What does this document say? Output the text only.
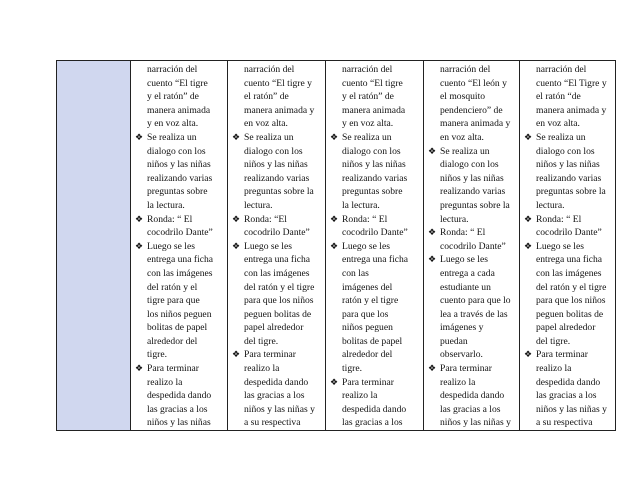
narración del
cuento “El tigre
y el ratón” de
manera animada
y en voz alta.
❖ Se realiza un
dialogo con los
niños y las niñas
realizando varias
preguntas sobre
la lectura.
❖ Ronda: “ El
cocodrilo Dante”
❖ Luego se les
entrega una ficha
con las imágenes
del ratón y el
tigre para que
los niños peguen
bolitas de papel
alrededor del
tigre.
❖ Para terminar
realizo la
despedida dando
las gracias a los
niños y las niñas

narración del
cuento “El tigre y
el ratón” de
manera animada y
en voz alta.
❖ Se realiza un
dialogo con los
niños y las niñas
realizando varias
preguntas sobre la
lectura.
❖ Ronda: “El
cocodrilo Dante”
❖ Luego se les
entrega una ficha
con las imágenes
del ratón y el tigre
para que los niños
peguen bolitas de
papel alrededor
del tigre.
❖ Para terminar
realizo la
despedida dando
las gracias a los
niños y las niñas y
a su respectiva

narración del
cuento “El tigre
y el ratón” de
manera animada
y en voz alta.
❖ Se realiza un
dialogo con los
niños y las niñas
realizando varias
preguntas sobre
la lectura.
❖ Ronda: “ El
cocodrilo Dante”
❖ Luego se les
entrega una ficha
con las
imágenes del
ratón y el tigre
para que los
niños peguen
bolitas de papel
alrededor del
tigre.
❖ Para terminar
realizo la
despedida dando
las gracias a los

narración del
cuento “El león y
el mosquito
pendenciero” de
manera animada y
en voz alta.
❖ Se realiza un
dialogo con los
niños y las niñas
realizando varias
preguntas sobre la
lectura.
❖ Ronda: “ El
cocodrilo Dante”
❖ Luego se les
entrega a cada
estudiante un
cuento para que lo
lea a través de las
imágenes y
puedan
observarlo.
❖ Para terminar
realizo la
despedida dando
las gracias a los
niños y las niñas y

narración del
cuento “El Tigre y
el ratón “de
manera animada y
en voz alta.
❖ Se realiza un
dialogo con los
niños y las niñas
realizando varias
preguntas sobre la
lectura.
❖ Ronda: “ El
cocodrilo Dante”
❖ Luego se les
entrega una ficha
con las imágenes
del ratón y el tigre
para que los niños
peguen bolitas de
papel alrededor
del tigre.
❖ Para terminar
realizo la
despedida dando
las gracias a los
niños y las niñas y
a su respectiva
